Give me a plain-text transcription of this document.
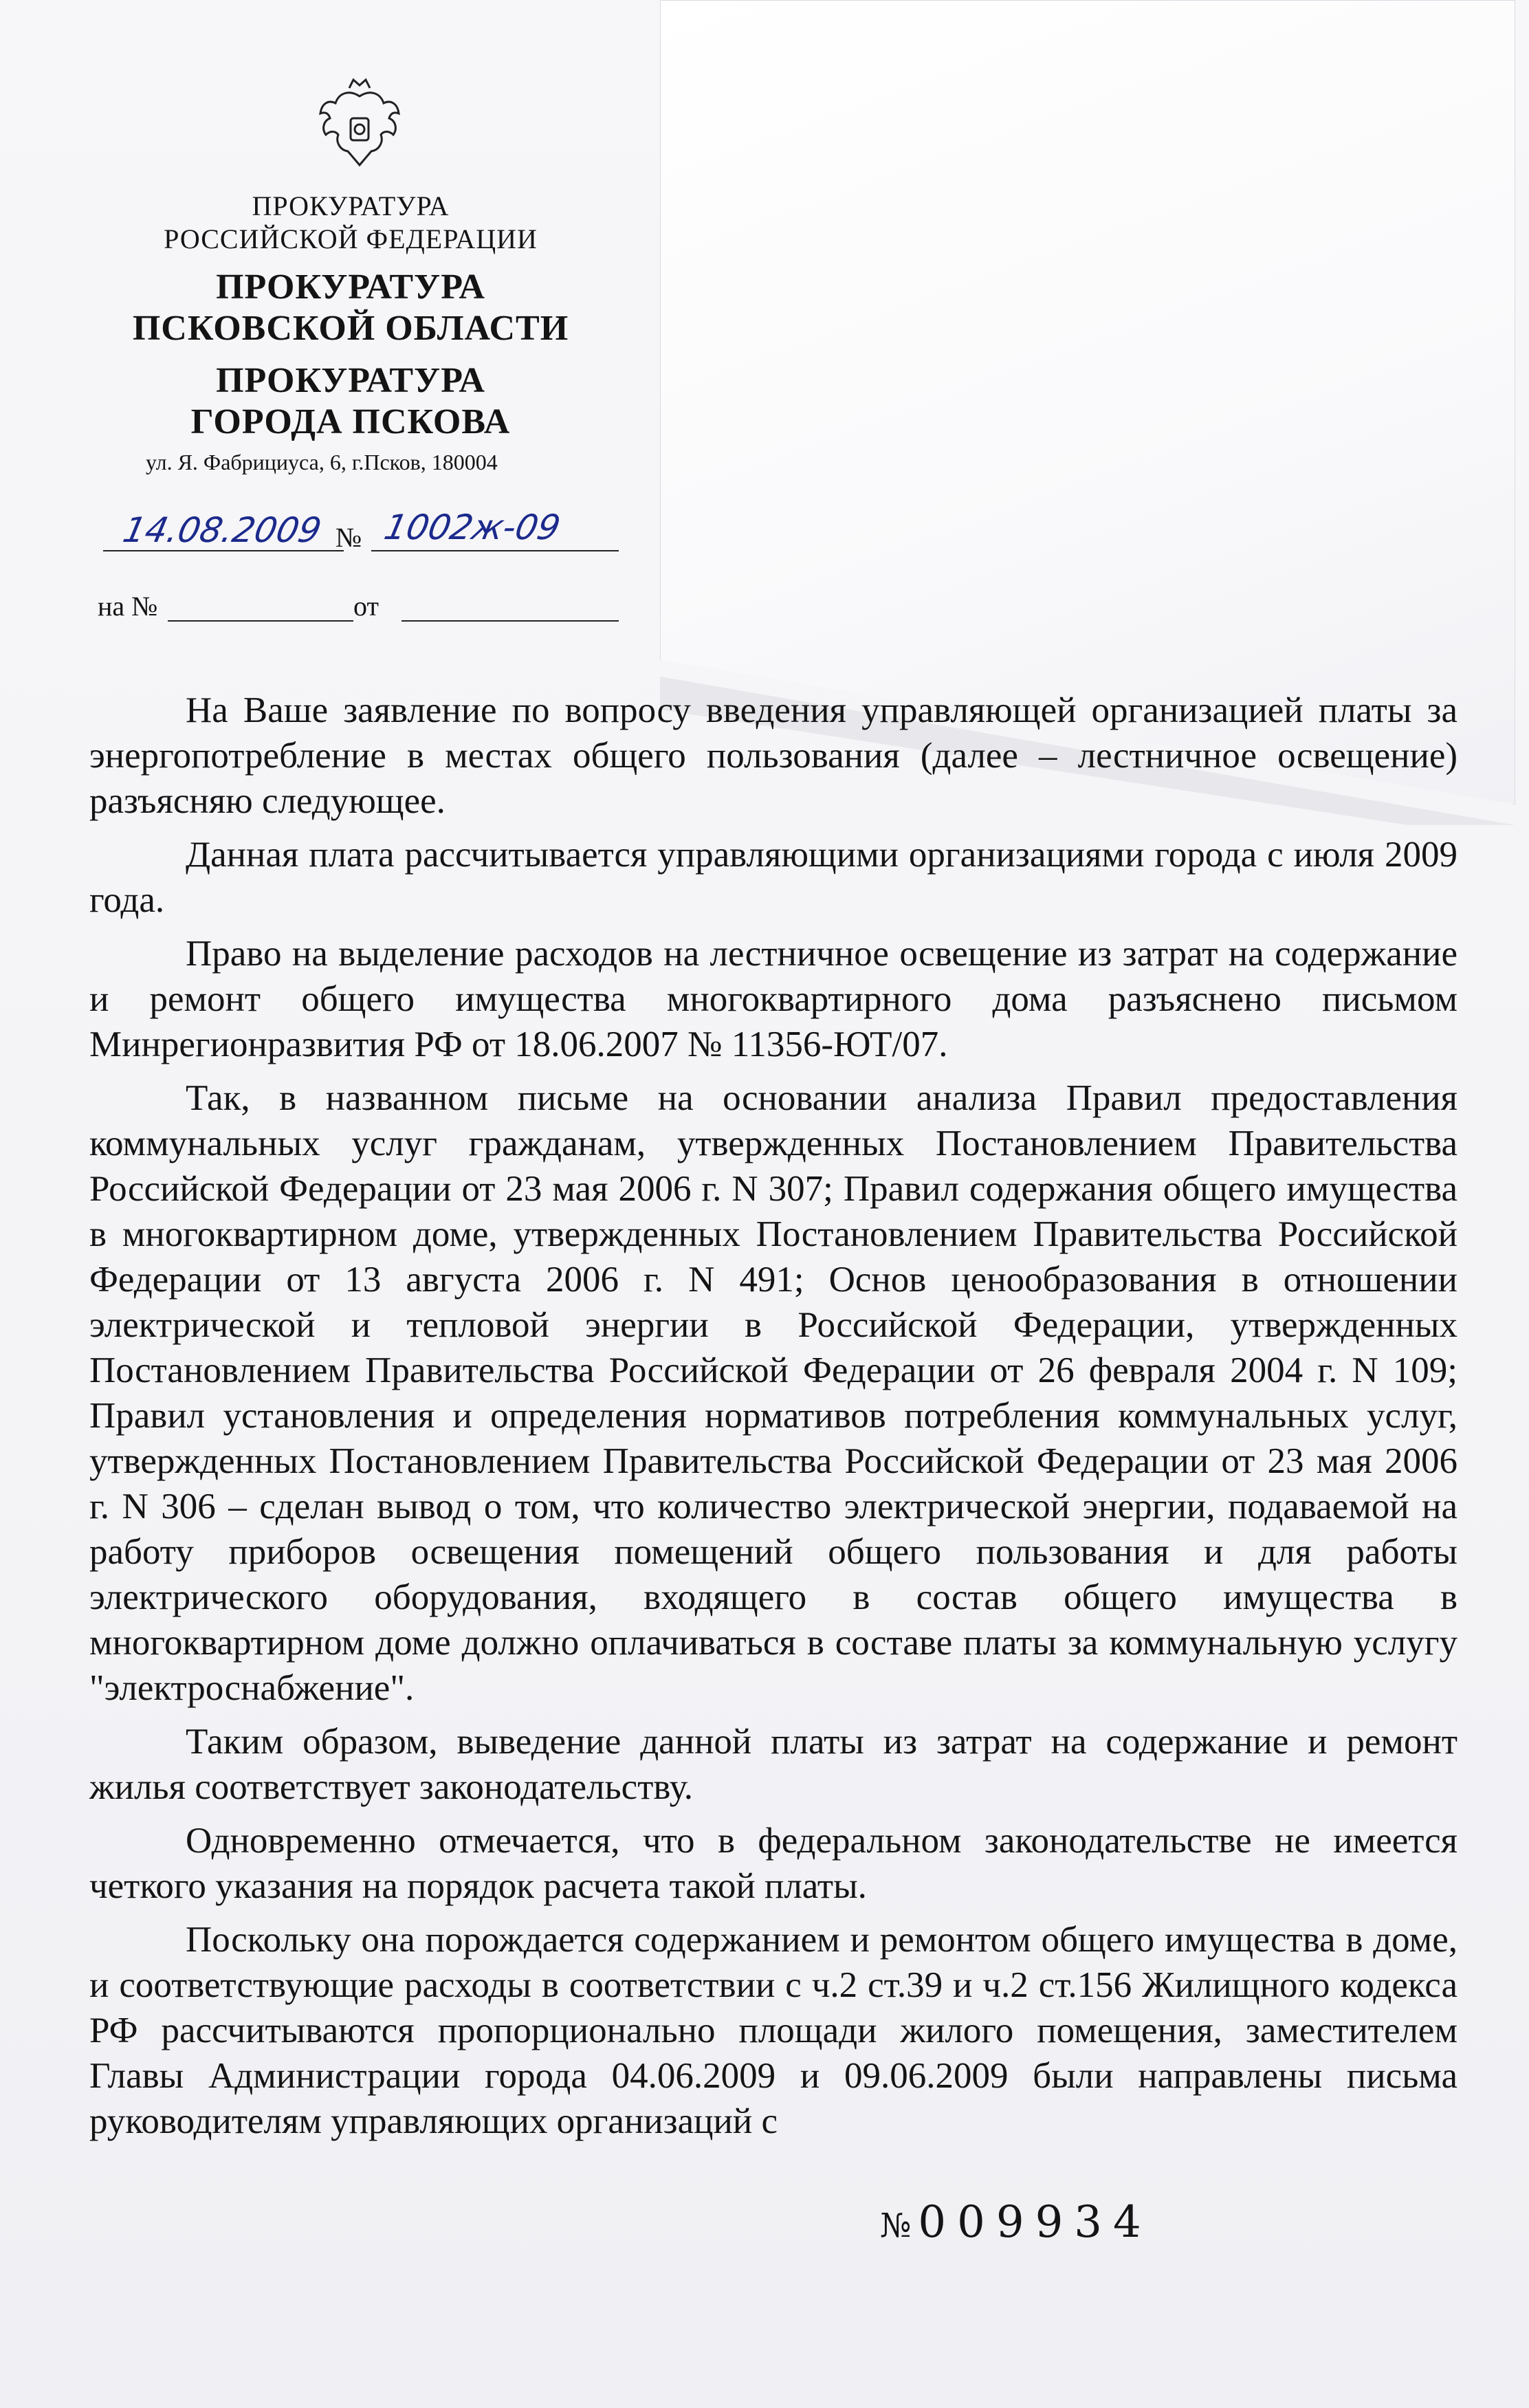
ПРОКУРАТУРА
РОССИЙСКОЙ ФЕДЕРАЦИИ
ПРОКУРАТУРА
ПСКОВСКОЙ ОБЛАСТИ
ПРОКУРАТУРА
ГОРОДА ПСКОВА
ул. Я. Фабрициуса, 6, г.Псков, 180004
14.08.2009 № 1002ж-09
на №	от

На Ваше заявление по вопросу введения управляющей организацией платы за энергопотребление в местах общего пользования (далее – лестничное освещение) разъясняю следующее.

Данная плата рассчитывается управляющими организациями города с июля 2009 года.

Право на выделение расходов на лестничное освещение из затрат на содержание и ремонт общего имущества многоквартирного дома разъяснено письмом Минрегионразвития РФ от 18.06.2007 № 11356-ЮТ/07.

Так, в названном письме на основании анализа Правил предоставления коммунальных услуг гражданам, утвержденных Постановлением Правительства Российской Федерации от 23 мая 2006 г. N 307; Правил содержания общего имущества в многоквартирном доме, утвержденных Постановлением Правительства Российской Федерации от 13 августа 2006 г. N 491; Основ ценообразования в отношении электрической и тепловой энергии в Российской Федерации, утвержденных Постановлением Правительства Российской Федерации от 26 февраля 2004 г. N 109; Правил установления и определения нормативов потребления коммунальных услуг, утвержденных Постановлением Правительства Российской Федерации от 23 мая 2006 г. N 306 – сделан вывод о том, что количество электрической энергии, подаваемой на работу приборов освещения помещений общего пользования и для работы электрического оборудования, входящего в состав общего имущества в многоквартирном доме должно оплачиваться в составе платы за коммунальную услугу "электроснабжение".

Таким образом, выведение данной платы из затрат на содержание и ремонт жилья соответствует законодательству.

Одновременно отмечается, что в федеральном законодательстве не имеется четкого указания на порядок расчета такой платы.

Поскольку она порождается содержанием и ремонтом общего имущества в доме, и соответствующие расходы в соответствии с ч.2 ст.39 и ч.2 ст.156 Жилищного кодекса РФ рассчитываются пропорционально площади жилого помещения, заместителем Главы Администрации города 04.06.2009 и 09.06.2009 были направлены письма руководителям управляющих организаций с

№ 009934
